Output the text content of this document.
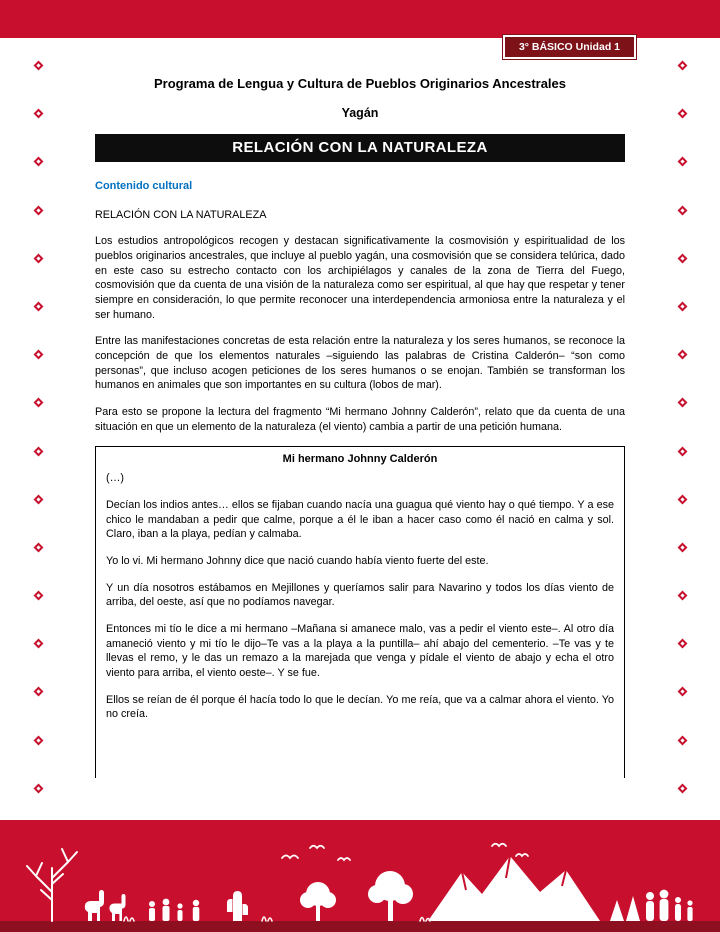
3° BÁSICO Unidad 1
Programa de Lengua y Cultura de Pueblos Originarios Ancestrales
Yagán
RELACIÓN CON LA NATURALEZA
Contenido cultural
RELACIÓN CON LA NATURALEZA

Los estudios antropológicos recogen y destacan significativamente la cosmovisión y espiritualidad de los pueblos originarios ancestrales, que incluye al pueblo yagán, una cosmovisión que se considera telúrica, dado en este caso su estrecho contacto con los archipiélagos y canales de la zona de Tierra del Fuego, cosmovisión que da cuenta de una visión de la naturaleza como ser espiritual, al que hay que respetar y tener siempre en consideración, lo que permite reconocer una interdependencia armoniosa entre la naturaleza y el ser humano.

Entre las manifestaciones concretas de esta relación entre la naturaleza y los seres humanos, se reconoce la concepción de que los elementos naturales –siguiendo las palabras de Cristina Calderón– “son como personas”, que incluso acogen peticiones de los seres humanos o se enojan. También se transforman los humanos en animales que son importantes en su cultura (lobos de mar).

Para esto se propone la lectura del fragmento “Mi hermano Johnny Calderón”, relato que da cuenta de una situación en que un elemento de la naturaleza (el viento) cambia a partir de una petición humana.

Mi hermano Johnny Calderón

(…)

Decían los indios antes… ellos se fijaban cuando nacía una guagua qué viento hay o qué tiempo. Y a ese chico le mandaban a pedir que calme, porque a él le iban a hacer caso como él nació en calma y sol. Claro, iban a la playa, pedían y calmaba.

Yo lo vi. Mi hermano Johnny dice que nació cuando había viento fuerte del este.

Y un día nosotros estábamos en Mejillones y queríamos salir para Navarino y todos los días viento de arriba, del oeste, así que no podíamos navegar.

Entonces mi tío le dice a mi hermano –Mañana si amanece malo, vas a pedir el viento este–. Al otro día amaneció viento y mi tío le dijo–Te vas a la playa a la puntilla– ahí abajo del cementerio. –Te vas y te llevas el remo, y le das un remazo a la marejada que venga y pídale el viento de abajo y echa el otro viento para arriba, el viento oeste–. Y se fue.

Ellos se reían de él porque él hacía todo lo que le decían. Yo me reía, que va a calmar ahora el viento. Yo no creía.
